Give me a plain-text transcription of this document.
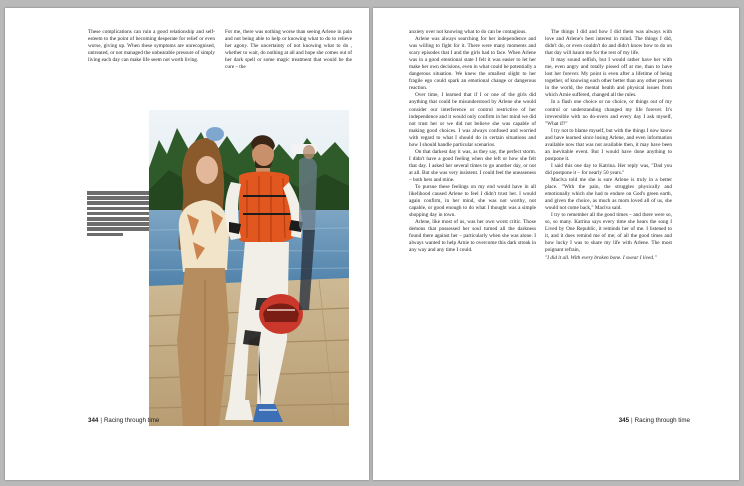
These complications can ruin a good relationship and self-esteem to the point of becoming desperate for relief or even worse, giving up. When these symptoms are unrecognised, untreated, or not managed the unbearable pressure of simply living each day can make life seem not worth living.

For me, there was nothing worse than seeing Arlene in pain and not being able to help or knowing what to do to relieve her agony. The uncertainty of not knowing what to do , whether to wait, do nothing at all and hope she comes out of her dark spell or some magic treatment that would be the cure – the

344 | Racing through time

anxiety over not knowing what to do can be contagious.

Arlene was always searching for her independence and was willing to fight for it. There were many moments and scary episodes that I and the girls had to face. When Arlene was in a good emotional state I felt it was easier to let her make her own decisions, even in what could be potentially a dangerous situation. We knew the smallest slight to her fragile ego could spark an emotional change or dangerous reaction.

Over time, I learned that if I or one of the girls did anything that could be misunderstood by Arlene she would consider our interference or control restrictive of her independence and it would only confirm in her mind we did not trust her or we did not believe she was capable of making good choices. I was always confused and worried with regard to what I should do in certain situations and how I should handle particular scenarios.

On that darkest day it was, as they say, the perfect storm. I didn't have a good feeling when she left or how she felt that day. I asked her several times to go another day, or not at all. But she was very insistent. I could feel the uneaseness – both hers and mine.

To pursue these feelings on my end would have in all likelihood caused Arlene to feel I didn't trust her. I would again confirm, in her mind, she was not worthy, not capable, or good enough to do what I thought was a simple shopping day in town.

Arlene, like most of us, was her own worst critic. Those demons that possessed her soul turned all the darkness found there against her – particularly when she was alone. I always wanted to help Arnie to overcome this dark streak in any way and any time I could.

The things I did and how I did them was always with love and Arlene's best interest in mind. The things I did, didn't do, or even couldn't do and didn't know how to do on that day will haunt me for the rest of my life.

It may sound selfish, but I would rather have her with me, even angry and totally pissed off at me, than to have lost her forever. My point is even after a lifetime of being together, of knowing each other better than any other person in the world, the mental health and physical issues from which Arnie suffered, changed all the rules.

In a flash one choice or no choice, or things out of my control or understanding changed my life forever. It's irreversible with no do-overs and every day I ask myself, "What if?"

I try not to blame myself, but with the things I now know and have learned since losing Arlene, and even information available now that was not available then, it may have been an inevitable event. But I would have done anything to postpone it.

I said this one day to Katrina. Her reply was, "Dad you did postpone it – for nearly 50 years."

Maclva told me she is sure Arlene is truly in a better place. "With the pain, the struggles physically and emotionally which she had to endure on God's green earth, and given the choice, as much as mom loved all of us, she would not come back," Maclva said.

I try to remember all the good times – and there were so, so, so many. Katrina says every time she hears the song I Lived by One Republic, it reminds her of me. I listened to it, and it does remind me of me; of all the good times and how lucky I was to share my life with Arlene. The most poignant refrain,

"I did it all. With every broken bone. I swear I lived."

345 | Racing through time
